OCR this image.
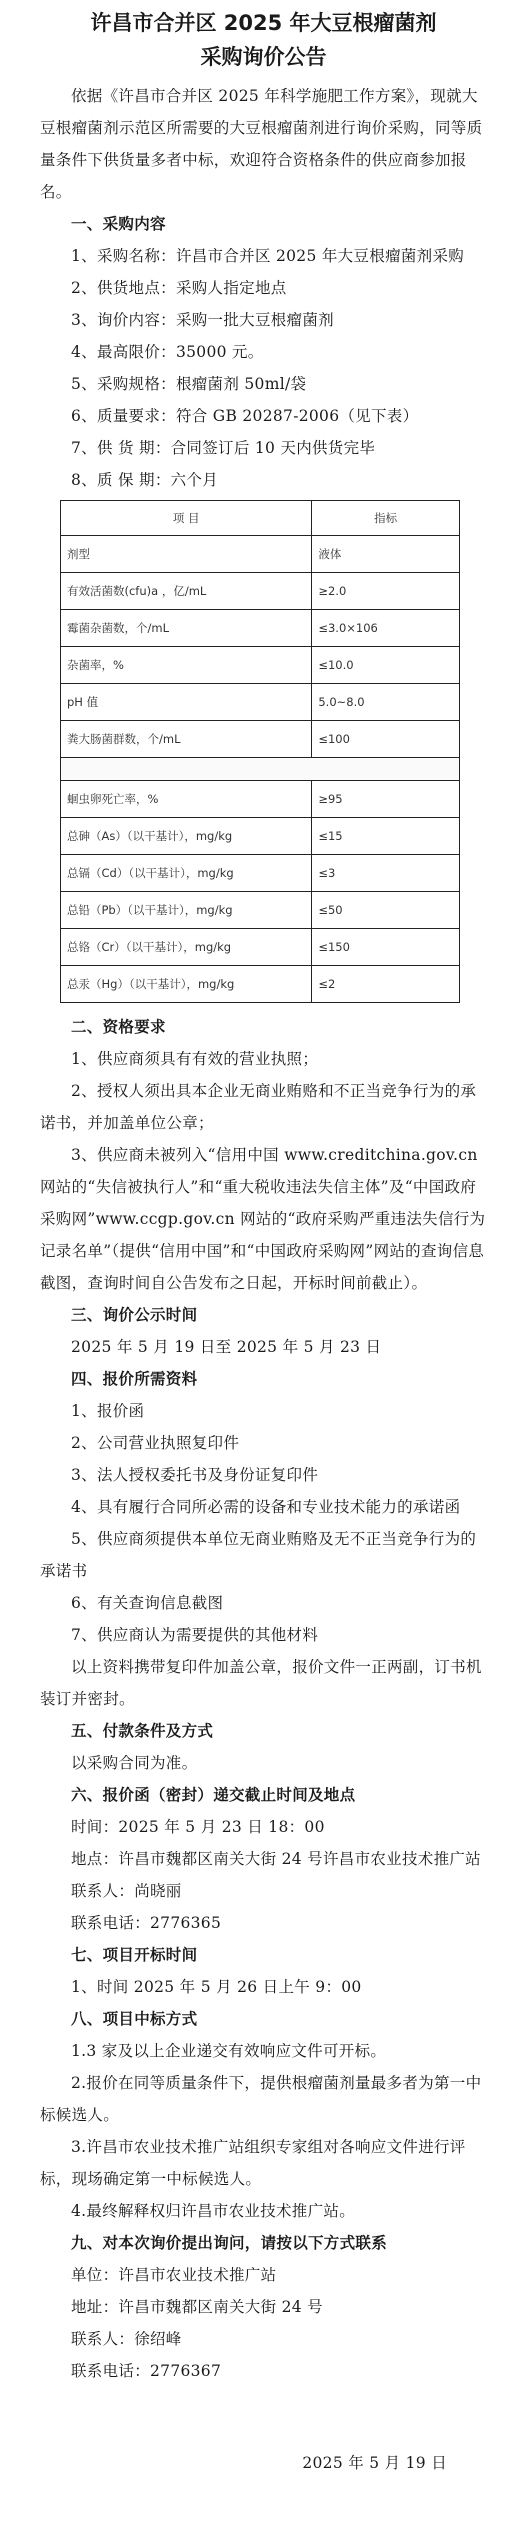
许昌市合并区 2025 年大豆根瘤菌剂
采购询价公告

依据《许昌市合并区 2025 年科学施肥工作方案》，现就大豆根瘤菌剂示范区所需要的大豆根瘤菌剂进行询价采购，同等质量条件下供货量多者中标，欢迎符合资格条件的供应商参加报名。

一、采购内容

1、采购名称：许昌市合并区 2025 年大豆根瘤菌剂采购

2、供货地点：采购人指定地点

3、询价内容：采购一批大豆根瘤菌剂

4、最高限价：35000 元。

5、采购规格：根瘤菌剂 50ml/袋

6、质量要求：符合 GB 20287-2006（见下表）

7、供 货 期：合同签订后 10 天内供货完毕

8、质 保 期：六个月

项 目	指标
剂型	液体
有效活菌数(cfu)a ，亿/mL	≥2.0
霉菌杂菌数，个/mL	≤3.0×106
杂菌率，%	≤10.0
pH 值	5.0~8.0
粪大肠菌群数，个/mL	≤100
蛔虫卵死亡率，%	≥95
总砷（As）（以干基计），mg/kg	≤15
总镉（Cd）（以干基计），mg/kg	≤3
总铅（Pb）（以干基计），mg/kg	≤50
总铬（Cr）（以干基计），mg/kg	≤150
总汞（Hg）（以干基计），mg/kg	≤2

二、资格要求

1、供应商须具有有效的营业执照；

2、授权人须出具本企业无商业贿赂和不正当竞争行为的承诺书，并加盖单位公章；

3、供应商未被列入“信用中国 www.creditchina.gov.cn 网站的“失信被执行人”和“重大税收违法失信主体”及“中国政府采购网”www.ccgp.gov.cn 网站的“政府采购严重违法失信行为记录名单”（提供“信用中国”和“中国政府采购网”网站的查询信息截图，查询时间自公告发布之日起，开标时间前截止）。

三、询价公示时间

2025 年 5 月 19 日至 2025 年 5 月 23 日

四、报价所需资料

1、报价函

2、公司营业执照复印件

3、法人授权委托书及身份证复印件

4、具有履行合同所必需的设备和专业技术能力的承诺函

5、供应商须提供本单位无商业贿赂及无不正当竞争行为的承诺书

6、有关查询信息截图

7、供应商认为需要提供的其他材料

以上资料携带复印件加盖公章，报价文件一正两副，订书机装订并密封。

五、付款条件及方式

以采购合同为准。

六、报价函（密封）递交截止时间及地点

时间：2025 年 5 月 23 日 18：00

地点：许昌市魏都区南关大街 24 号许昌市农业技术推广站

联系人：尚晓丽

联系电话：2776365

七、项目开标时间

1、时间 2025 年 5 月 26 日上午 9：00

八、项目中标方式

1.3 家及以上企业递交有效响应文件可开标。

2.报价在同等质量条件下，提供根瘤菌剂量最多者为第一中标候选人。

3.许昌市农业技术推广站组织专家组对各响应文件进行评标，现场确定第一中标候选人。

4.最终解释权归许昌市农业技术推广站。

九、对本次询价提出询问，请按以下方式联系

单位：许昌市农业技术推广站

地址：许昌市魏都区南关大街 24 号

联系人：徐绍峰

联系电话：2776367

2025 年 5 月 19 日
